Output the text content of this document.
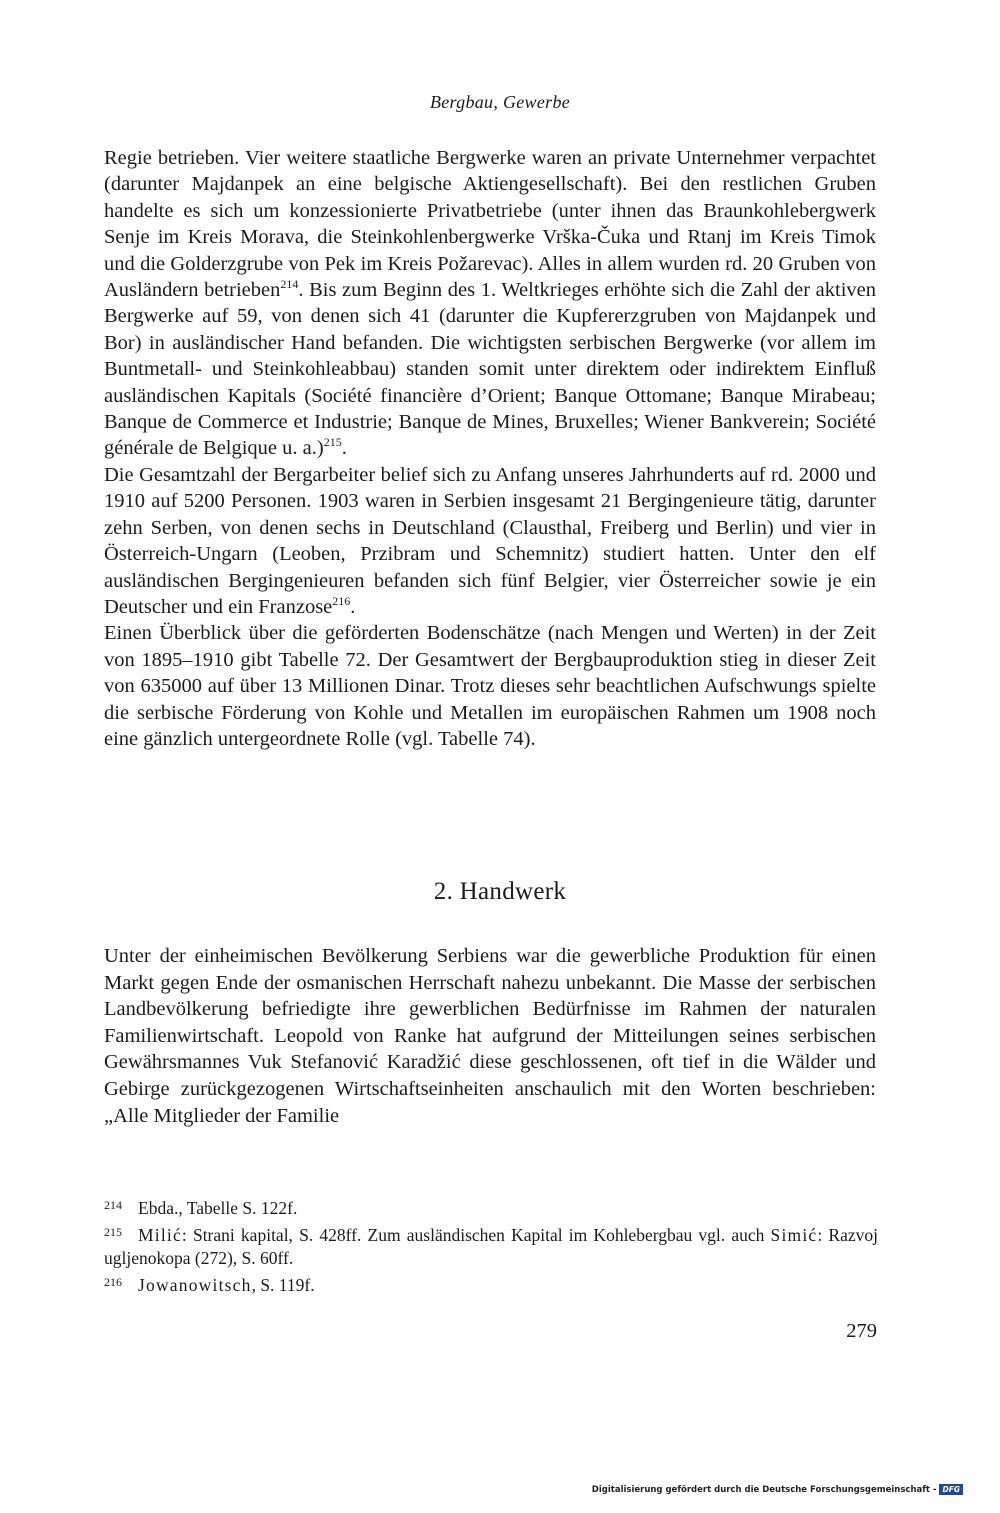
Bergbau, Gewerbe

Regie betrieben. Vier weitere staatliche Bergwerke waren an private Unternehmer verpachtet (darunter Majdanpek an eine belgische Aktiengesellschaft). Bei den restlichen Gruben handelte es sich um konzessionierte Privatbetriebe (unter ihnen das Braunkohlebergwerk Senje im Kreis Morava, die Steinkohlenbergwerke Vrška-Čuka und Rtanj im Kreis Timok und die Golderzgrube von Pek im Kreis Požarevac). Alles in allem wurden rd. 20 Gruben von Ausländern betrieben$^{214}$. Bis zum Beginn des 1. Weltkrieges erhöhte sich die Zahl der aktiven Bergwerke auf 59, von denen sich 41 (darunter die Kupfererzgruben von Majdanpek und Bor) in ausländischer Hand befanden. Die wichtigsten serbischen Bergwerke (vor allem im Buntmetall- und Steinkohleabbau) standen somit unter direktem oder indirektem Einfluß ausländischen Kapitals (Société financière d’Orient; Banque Ottomane; Banque Mirabeau; Banque de Commerce et Industrie; Banque de Mines, Bruxelles; Wiener Bankverein; Société générale de Belgique u. a.)$^{215}$.

Die Gesamtzahl der Bergarbeiter belief sich zu Anfang unseres Jahrhunderts auf rd. 2000 und 1910 auf 5200 Personen. 1903 waren in Serbien insgesamt 21 Bergingenieure tätig, darunter zehn Serben, von denen sechs in Deutschland (Clausthal, Freiberg und Berlin) und vier in Österreich-Ungarn (Leoben, Przibram und Schemnitz) studiert hatten. Unter den elf ausländischen Bergingenieuren befanden sich fünf Belgier, vier Österreicher sowie je ein Deutscher und ein Franzose$^{216}$.

Einen Überblick über die geförderten Bodenschätze (nach Mengen und Werten) in der Zeit von 1895–1910 gibt Tabelle 72. Der Gesamtwert der Bergbauproduktion stieg in dieser Zeit von 635000 auf über 13 Millionen Dinar. Trotz dieses sehr beachtlichen Aufschwungs spielte die serbische Förderung von Kohle und Metallen im europäischen Rahmen um 1908 noch eine gänzlich untergeordnete Rolle (vgl. Tabelle 74).

2. Handwerk
Unter der einheimischen Bevölkerung Serbiens war die gewerbliche Produktion für einen Markt gegen Ende der osmanischen Herrschaft nahezu unbekannt. Die Masse der serbischen Landbevölkerung befriedigte ihre gewerblichen Bedürfnisse im Rahmen der naturalen Familienwirtschaft. Leopold von Ranke hat aufgrund der Mitteilungen seines serbischen Gewährsmannes Vuk Stefanović Karadžić diese geschlossenen, oft tief in die Wälder und Gebirge zurückgezogenen Wirtschaftseinheiten anschaulich mit den Worten beschrieben: „Alle Mitglieder der Familie

214 Ebda., Tabelle S. 122f.

215 Milić: Strani kapital, S. 428ff. Zum ausländischen Kapital im Kohlebergbau vgl. auch Simić: Razvoj ugljenokopa (272), S. 60ff.

216 Jowanowitsch, S. 119f.

279
Digitalisierung gefördert durch die Deutsche Forschungsgemeinschaft - DFG
